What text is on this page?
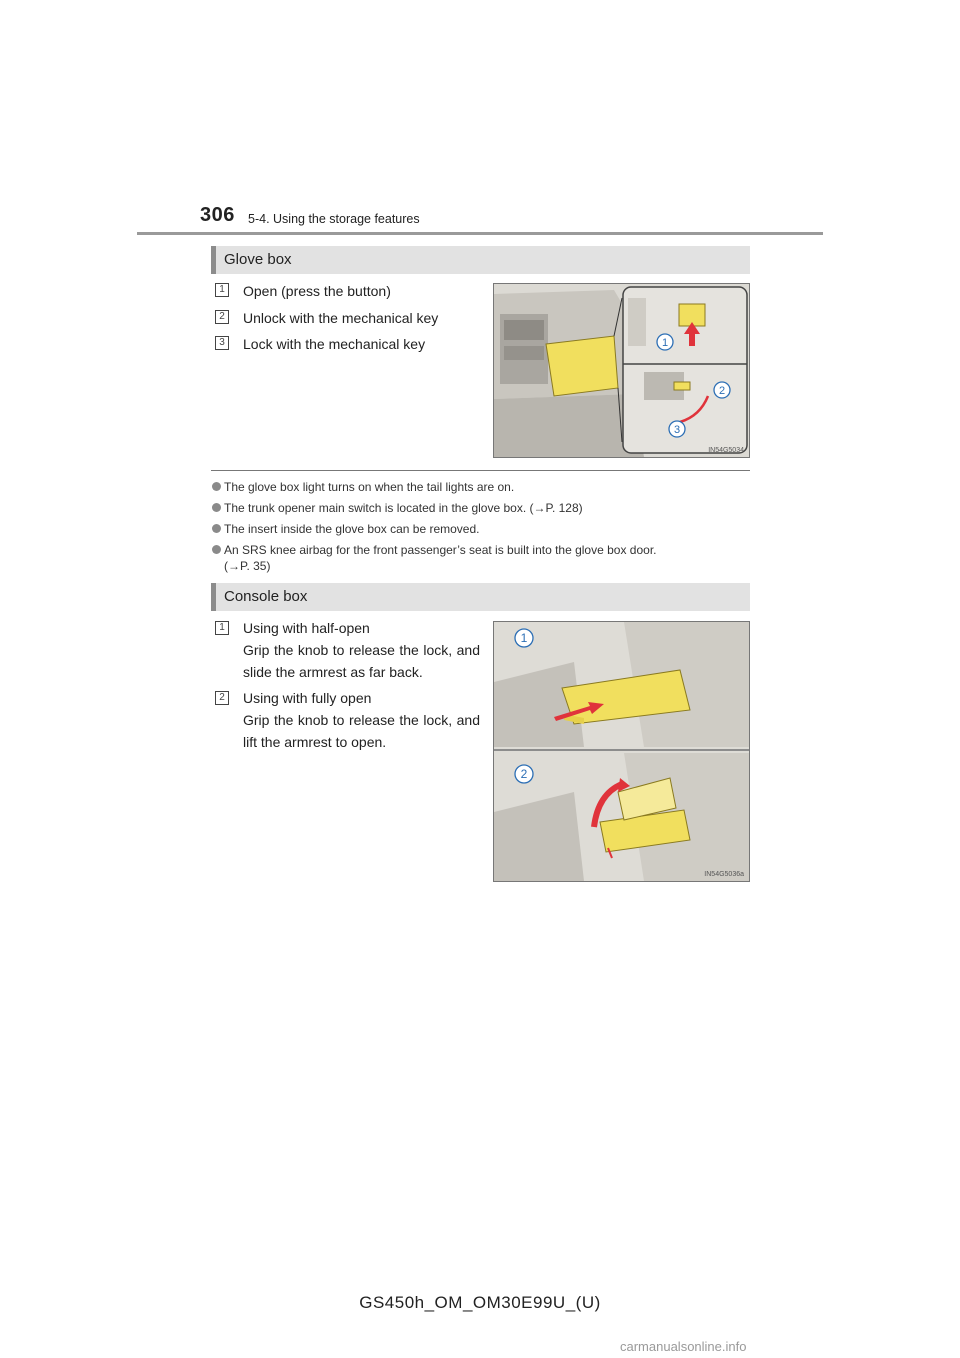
306 5-4. Using the storage features
Glove box
1	Open (press the button)
2	Unlock with the mechanical key
3	Lock with the mechanical key	1
2
3
IN54G5034
The glove box light turns on when the tail lights are on.
The trunk opener main switch is located in the glove box. (→P. 128)
The insert inside the glove box can be removed.
An SRS knee airbag for the front passenger’s seat is built into the glove box door.
(→P. 35)
Console box
1	Using with half-open
Grip the knob to release the lock, and slide the armrest as far back.
2	Using with fully open
Grip the knob to release the lock, and lift the armrest to open.
1
2
IN54G5036a
GS450h_OM_OM30E99U_(U)
carmanualsonline.info
